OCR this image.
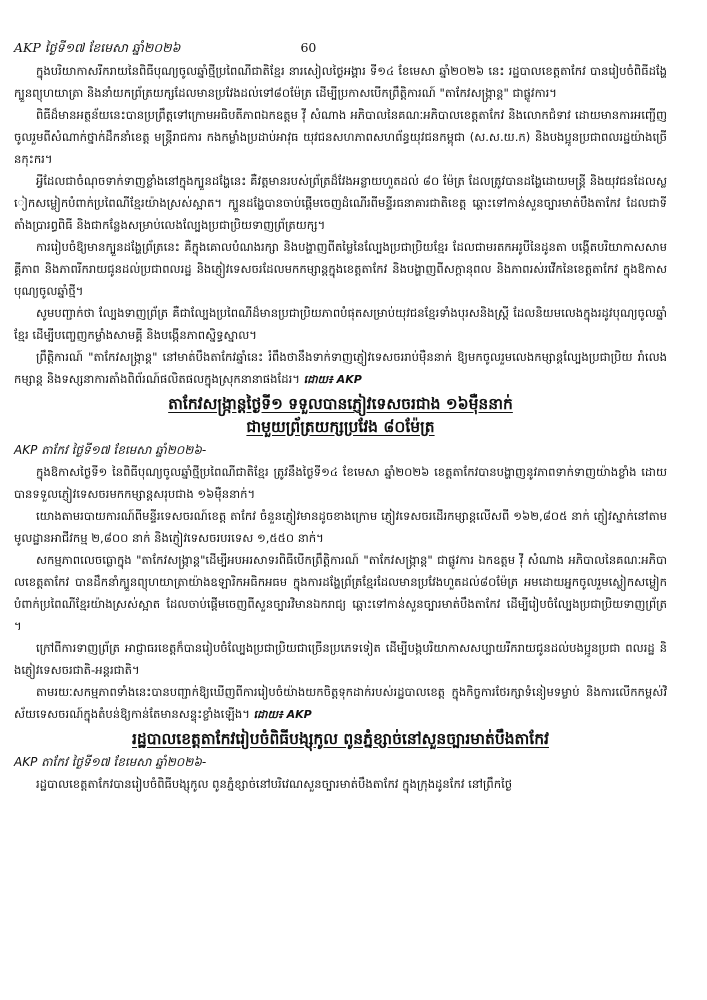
AKP ថ្ងៃទី១៧ ខែមេសា ឆ្នាំ២០២៦	60

ក្នុងបរិយាកាសរីករាយនៃពិធីបុណ្យចូលឆ្នាំថ្មីប្រពៃណីជាតិខ្មែរ នារសៀលថ្ងៃអង្គារ ទី១៤ ខែមេសា ឆ្នាំ២០២៦ នេះ រដ្ឋបាលខេត្តតាកែវ បានរៀបចំពិធីដង្ហែក្បួនព្យុហយាត្រា និងនាំយកព្រ័ត្រយក្សដែលមានប្រវែងដល់ទៅ៨០ម៉ែត្រ ដើម្បីប្រកាសបើកព្រឹត្តិការណ៍ "តាកែវសង្ក្រាន្ត" ជាផ្លូវការ។

ពិធីដ៏មានអត្ថន័យនេះបានប្រព្រឹត្តទៅក្រោមអធិបតីភាពឯកឧត្តម វ៉ី សំណាង អភិបាលនៃគណៈអភិបាលខេត្តតាកែវ និងលោកជំទាវ ដោយមានការអញ្ជើញចូលរួមពីសំណាក់ថ្នាក់ដឹកនាំខេត្ត មន្ត្រីរាជការ កងកម្លាំងប្រដាប់អាវុធ យុវជនសហភាពសហព័ន្ធយុវជនកម្ពុជា (ស.ស.យ.ក) និងបងប្អូនប្រជាពលរដ្ឋយ៉ាងច្រើនកុះករ។

អ្វីដែលជាចំណុចទាក់ទាញខ្លាំងនៅក្នុងក្បួនដង្ហែនេះ គឺវត្តមានរបស់ព្រ័ត្រដ៏វែងអន្លាយហួតដល់ ៨០ ម៉ែត្រ ដែលត្រូវបានដង្ហែដោយមន្ត្រី និងយុវជនដែលស្លៀកសម្លៀកបំពាក់ប្រពៃណីខ្មែរយ៉ាងស្រស់ស្អាត។ ក្បួនដង្ហែបានចាប់ផ្តើមចេញដំណើរពីមន្ទីរធនាគារជាតិខេត្ត ឆ្ពោះទៅកាន់សួនច្បារមាត់បឹងតាកែវ ដែលជាទីតាំងប្រារព្ធពិធី និងជាកន្លែងសម្រាប់លេងល្បែងប្រជាប្រិយទាញព្រ័ត្រយក្ស។

ការរៀបចំឱ្យមានក្បួនដង្ហែព្រ័ត្រនេះ គឺក្នុងគោលបំណងរក្សា និងបង្ហាញពីតម្លៃនៃល្បែងប្រជាប្រិយខ្មែរ ដែលជាមរតកអរូបីនៃដូនតា បង្កើតបរិយាកាសសាមគ្គីភាព និងភាពរីករាយជូនដល់ប្រជាពលរដ្ឋ និងភ្ញៀវទេសចរដែលមកកម្សាន្តក្នុងខេត្តតាកែវ និងបង្ហាញពីសក្តានុពល និងភាពរស់រវើកនៃខេត្តតាកែវ ក្នុងឱកាសបុណ្យចូលឆ្នាំថ្មី។

សូមបញ្ជាក់ថា ល្បែងទាញព្រ័ត្រ គឺជាល្បែងប្រពៃណីដ៏មានប្រជាប្រិយភាពបំផុតសម្រាប់យុវជនខ្មែរទាំងបុរសនិងស្ត្រី ដែលនិយមលេងក្នុងរដូវបុណ្យចូលឆ្នាំខ្មែរ ដើម្បីបញ្ចេញកម្លាំងសាមគ្គី និងបង្កើនភាពស្និទ្ធស្នាល។

ព្រឹត្តិការណ៍ "តាកែវសង្ក្រាន្ត" នៅមាត់បឹងតាកែវឆ្នាំនេះ រំពឹងថានឹងទាក់ទាញភ្ញៀវទេសចររាប់ម៉ឺននាក់ ឱ្យមកចូលរួមលេងកម្សាន្តល្បែងប្រជាប្រិយ រាំលេងកម្សាន្ត និងទស្សនាការតាំងពិព័រណ៍ផលិតផលក្នុងស្រុកនានាផងដែរ។ ដោយ៖ AKP

តាកែវសង្ក្រាន្តថ្ងៃទី១ ទទួលបានភ្ញៀវទេសចរជាង ១៦ម៉ឺននាក់
ជាមួយព្រ័ត្រយក្សប្រវែង ៨០ម៉ែត្រ
AKP តាកែវ ថ្ងៃទី១៧ ខែមេសា ឆ្នាំ២០២៦-

ក្នុងឱកាសថ្ងៃទី១ នៃពិធីបុណ្យចូលឆ្នាំថ្មីប្រពៃណីជាតិខ្មែរ ត្រូវនឹងថ្ងៃទី១៤ ខែមេសា ឆ្នាំ២០២៦ ខេត្តតាកែវបានបង្ហាញនូវភាពទាក់ទាញយ៉ាងខ្លាំង ដោយបានទទួលភ្ញៀវទេសចរមកកម្សាន្តសរុបជាង ១៦ម៉ឺននាក់។

យោងតាមរបាយការណ៍ពីមន្ទីរទេសចរណ៍ខេត្ត តាកែវ ចំនួនភ្ញៀវមានដូចខាងក្រោម ភ្ញៀវទេសចរដើរកម្សាន្តលើសពី ១៦២,៨០៥ នាក់ ភ្ញៀវស្នាក់នៅតាមមូលដ្ឋានអាជីវកម្ម ២,៨០០ នាក់ និងភ្ញៀវទេសចរបរទេស ១,៥៥០ នាក់។

សកម្មភាពលេចធ្លោក្នុង "តាកែវសង្ក្រាន្ត"ដើម្បីអបអរសាទរពិធីបើកព្រឹត្តិការណ៍ "តាកែវសង្ក្រាន្ត" ជាផ្លូវការ ឯកឧត្តម វ៉ី សំណាង អភិបាលនៃគណៈអភិបាលខេត្តតាកែវ បានដឹកនាំក្បួនព្យុហយាត្រាយ៉ាងឧឡារិកអធិកអធម ក្នុងការដង្ហែព្រ័ត្រខ្មែរដែលមានប្រវែងហួតដល់៨០ម៉ែត្រ អមដោយអ្នកចូលរួមស្លៀកសម្លៀកបំពាក់ប្រពៃណីខ្មែរយ៉ាងស្រស់ស្អាត ដែលចាប់ផ្តើមចេញពីសួនច្បារវិមានឯករាជ្យ ឆ្ពោះទៅកាន់សួនច្បារមាត់បឹងតាកែវ ដើម្បីរៀបចំល្បែងប្រជាប្រិយទាញព្រ័ត្រ។

ក្រៅពីការទាញព្រ័ត្រ អាជ្ញាធរខេត្តក៏បានរៀបចំល្បែងប្រជាប្រិយជាច្រើនប្រភេទទៀត ដើម្បីបង្កបរិយាកាសសប្បាយរីករាយជូនដល់បងប្អូនប្រជា ពលរដ្ឋ និងភ្ញៀវទេសចរជាតិ-អន្តរជាតិ។

តាមរយៈសកម្មភាពទាំងនេះបានបញ្ជាក់ឱ្យឃើញពីការរៀបចំយ៉ាងយកចិត្តទុកដាក់របស់រដ្ឋបាលខេត្ត ក្នុងកិច្ចការថែរក្សាទំនៀមទម្លាប់ និងការលើកកម្ពស់វិស័យទេសចរណ៍ក្នុងតំបន់ឱ្យកាន់តែមានសន្ទុះខ្លាំងឡើង។ ដោយ៖ AKP

រដ្ឋបាលខេត្តតាកែវរៀបចំពិធីបង្សុកូល ពូនភ្នំខ្សាច់នៅសួនច្បារមាត់បឹងតាកែវ
AKP តាកែវ ថ្ងៃទី១៧ ខែមេសា ឆ្នាំ២០២៦-

រដ្ឋបាលខេត្តតាកែវបានរៀបចំពិធីបង្សុកូល ពូនភ្នំខ្សាច់នៅបរិវេណសួនច្បារមាត់បឹងតាកែវ ក្នុងក្រុងដូនកែវ នៅព្រឹកថ្ងៃ
